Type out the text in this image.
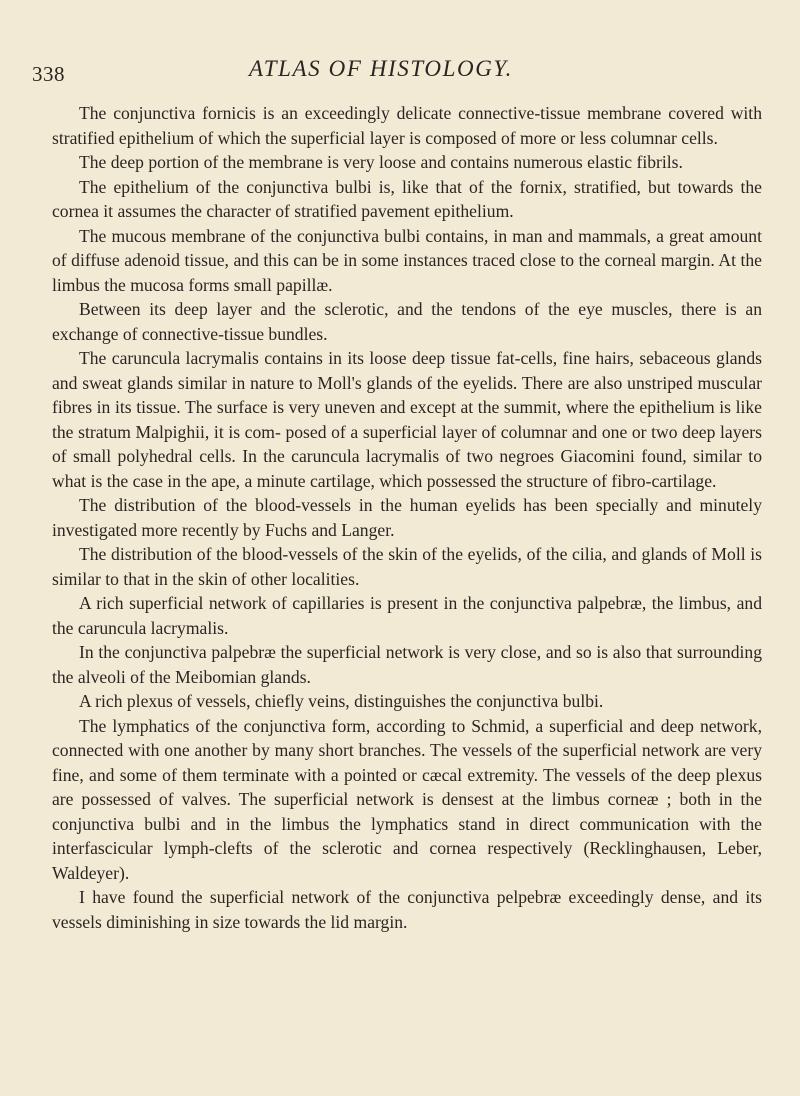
338	ATLAS OF HISTOLOGY.

The conjunctiva fornicis is an exceedingly delicate connective-tissue membrane covered with stratified epithelium of which the superficial layer is composed of more or less columnar cells.

The deep portion of the membrane is very loose and contains numerous elastic fibrils.

The epithelium of the conjunctiva bulbi is, like that of the fornix, stratified, but towards the cornea it assumes the character of stratified pavement epithelium.

The mucous membrane of the conjunctiva bulbi contains, in man and mammals, a great amount of diffuse adenoid tissue, and this can be in some instances traced close to the corneal margin. At the limbus the mucosa forms small papillæ.

Between its deep layer and the sclerotic, and the tendons of the eye muscles, there is an exchange of connective-tissue bundles.

The caruncula lacrymalis contains in its loose deep tissue fat-cells, fine hairs, sebaceous glands and sweat glands similar in nature to Moll's glands of the eyelids. There are also unstriped muscular fibres in its tissue. The surface is very uneven and except at the summit, where the epithelium is like the stratum Malpighii, it is com- posed of a superficial layer of columnar and one or two deep layers of small polyhedral cells. In the caruncula lacrymalis of two negroes Giacomini found, similar to what is the case in the ape, a minute cartilage, which possessed the structure of fibro-cartilage.

The distribution of the blood-vessels in the human eyelids has been specially and minutely investigated more recently by Fuchs and Langer.

The distribution of the blood-vessels of the skin of the eyelids, of the cilia, and glands of Moll is similar to that in the skin of other localities.

A rich superficial network of capillaries is present in the conjunctiva palpebræ, the limbus, and the caruncula lacrymalis.

In the conjunctiva palpebræ the superficial network is very close, and so is also that surrounding the alveoli of the Meibomian glands.

A rich plexus of vessels, chiefly veins, distinguishes the conjunctiva bulbi.

The lymphatics of the conjunctiva form, according to Schmid, a superficial and deep network, connected with one another by many short branches. The vessels of the superficial network are very fine, and some of them terminate with a pointed or cæcal extremity. The vessels of the deep plexus are possessed of valves. The superficial network is densest at the limbus corneæ ; both in the conjunctiva bulbi and in the limbus the lymphatics stand in direct communication with the interfascicular lymph-clefts of the sclerotic and cornea respectively (Recklinghausen, Leber, Waldeyer).

I have found the superficial network of the conjunctiva pelpebræ exceedingly dense, and its vessels diminishing in size towards the lid margin.
